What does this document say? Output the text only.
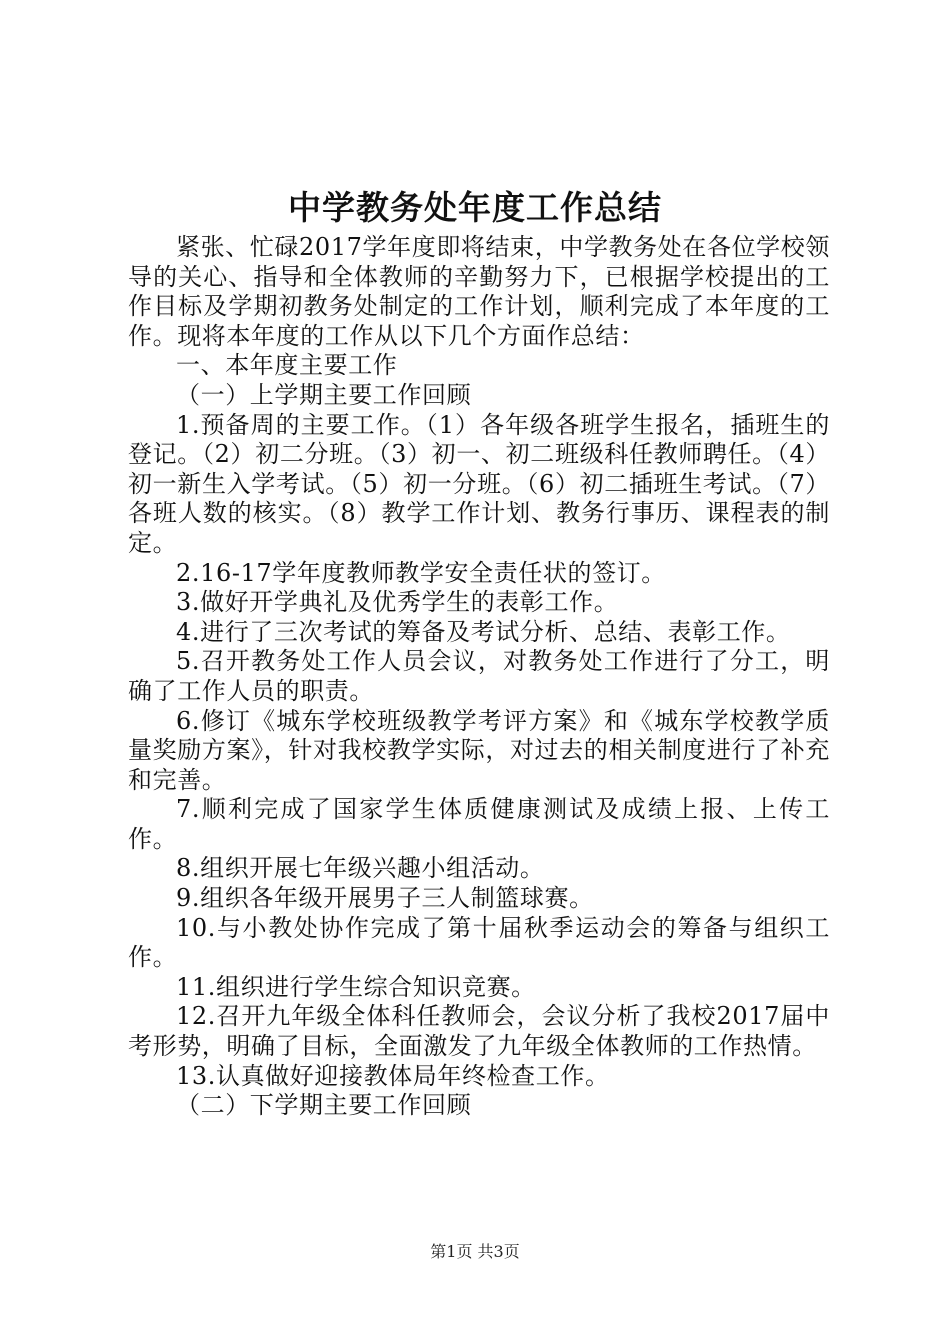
中学教务处年度工作总结

紧张、忙碌2017学年度即将结束，中学教务处在各位学校领导的关心、指导和全体教师的辛勤努力下，已根据学校提出的工作目标及学期初教务处制定的工作计划，顺利完成了本年度的工作。现将本年度的工作从以下几个方面作总结：

一、本年度主要工作

（一）上学期主要工作回顾

1.预备周的主要工作。（1）各年级各班学生报名，插班生的登记。（2）初二分班。（3）初一、初二班级科任教师聘任。（4）初一新生入学考试。（5）初一分班。（6）初二插班生考试。（7）各班人数的核实。（8）教学工作计划、教务行事历、课程表的制定。

2.16-17学年度教师教学安全责任状的签订。

3.做好开学典礼及优秀学生的表彰工作。

4.进行了三次考试的筹备及考试分析、总结、表彰工作。

5.召开教务处工作人员会议，对教务处工作进行了分工，明确了工作人员的职责。

6.修订《城东学校班级教学考评方案》和《城东学校教学质量奖励方案》，针对我校教学实际，对过去的相关制度进行了补充和完善。

7.顺利完成了国家学生体质健康测试及成绩上报、上传工作。

8.组织开展七年级兴趣小组活动。

9.组织各年级开展男子三人制篮球赛。

10.与小教处协作完成了第十届秋季运动会的筹备与组织工作。

11.组织进行学生综合知识竞赛。

12.召开九年级全体科任教师会，会议分析了我校2017届中考形势，明确了目标，全面激发了九年级全体教师的工作热情。

13.认真做好迎接教体局年终检查工作。

（二）下学期主要工作回顾

第1页 共3页
